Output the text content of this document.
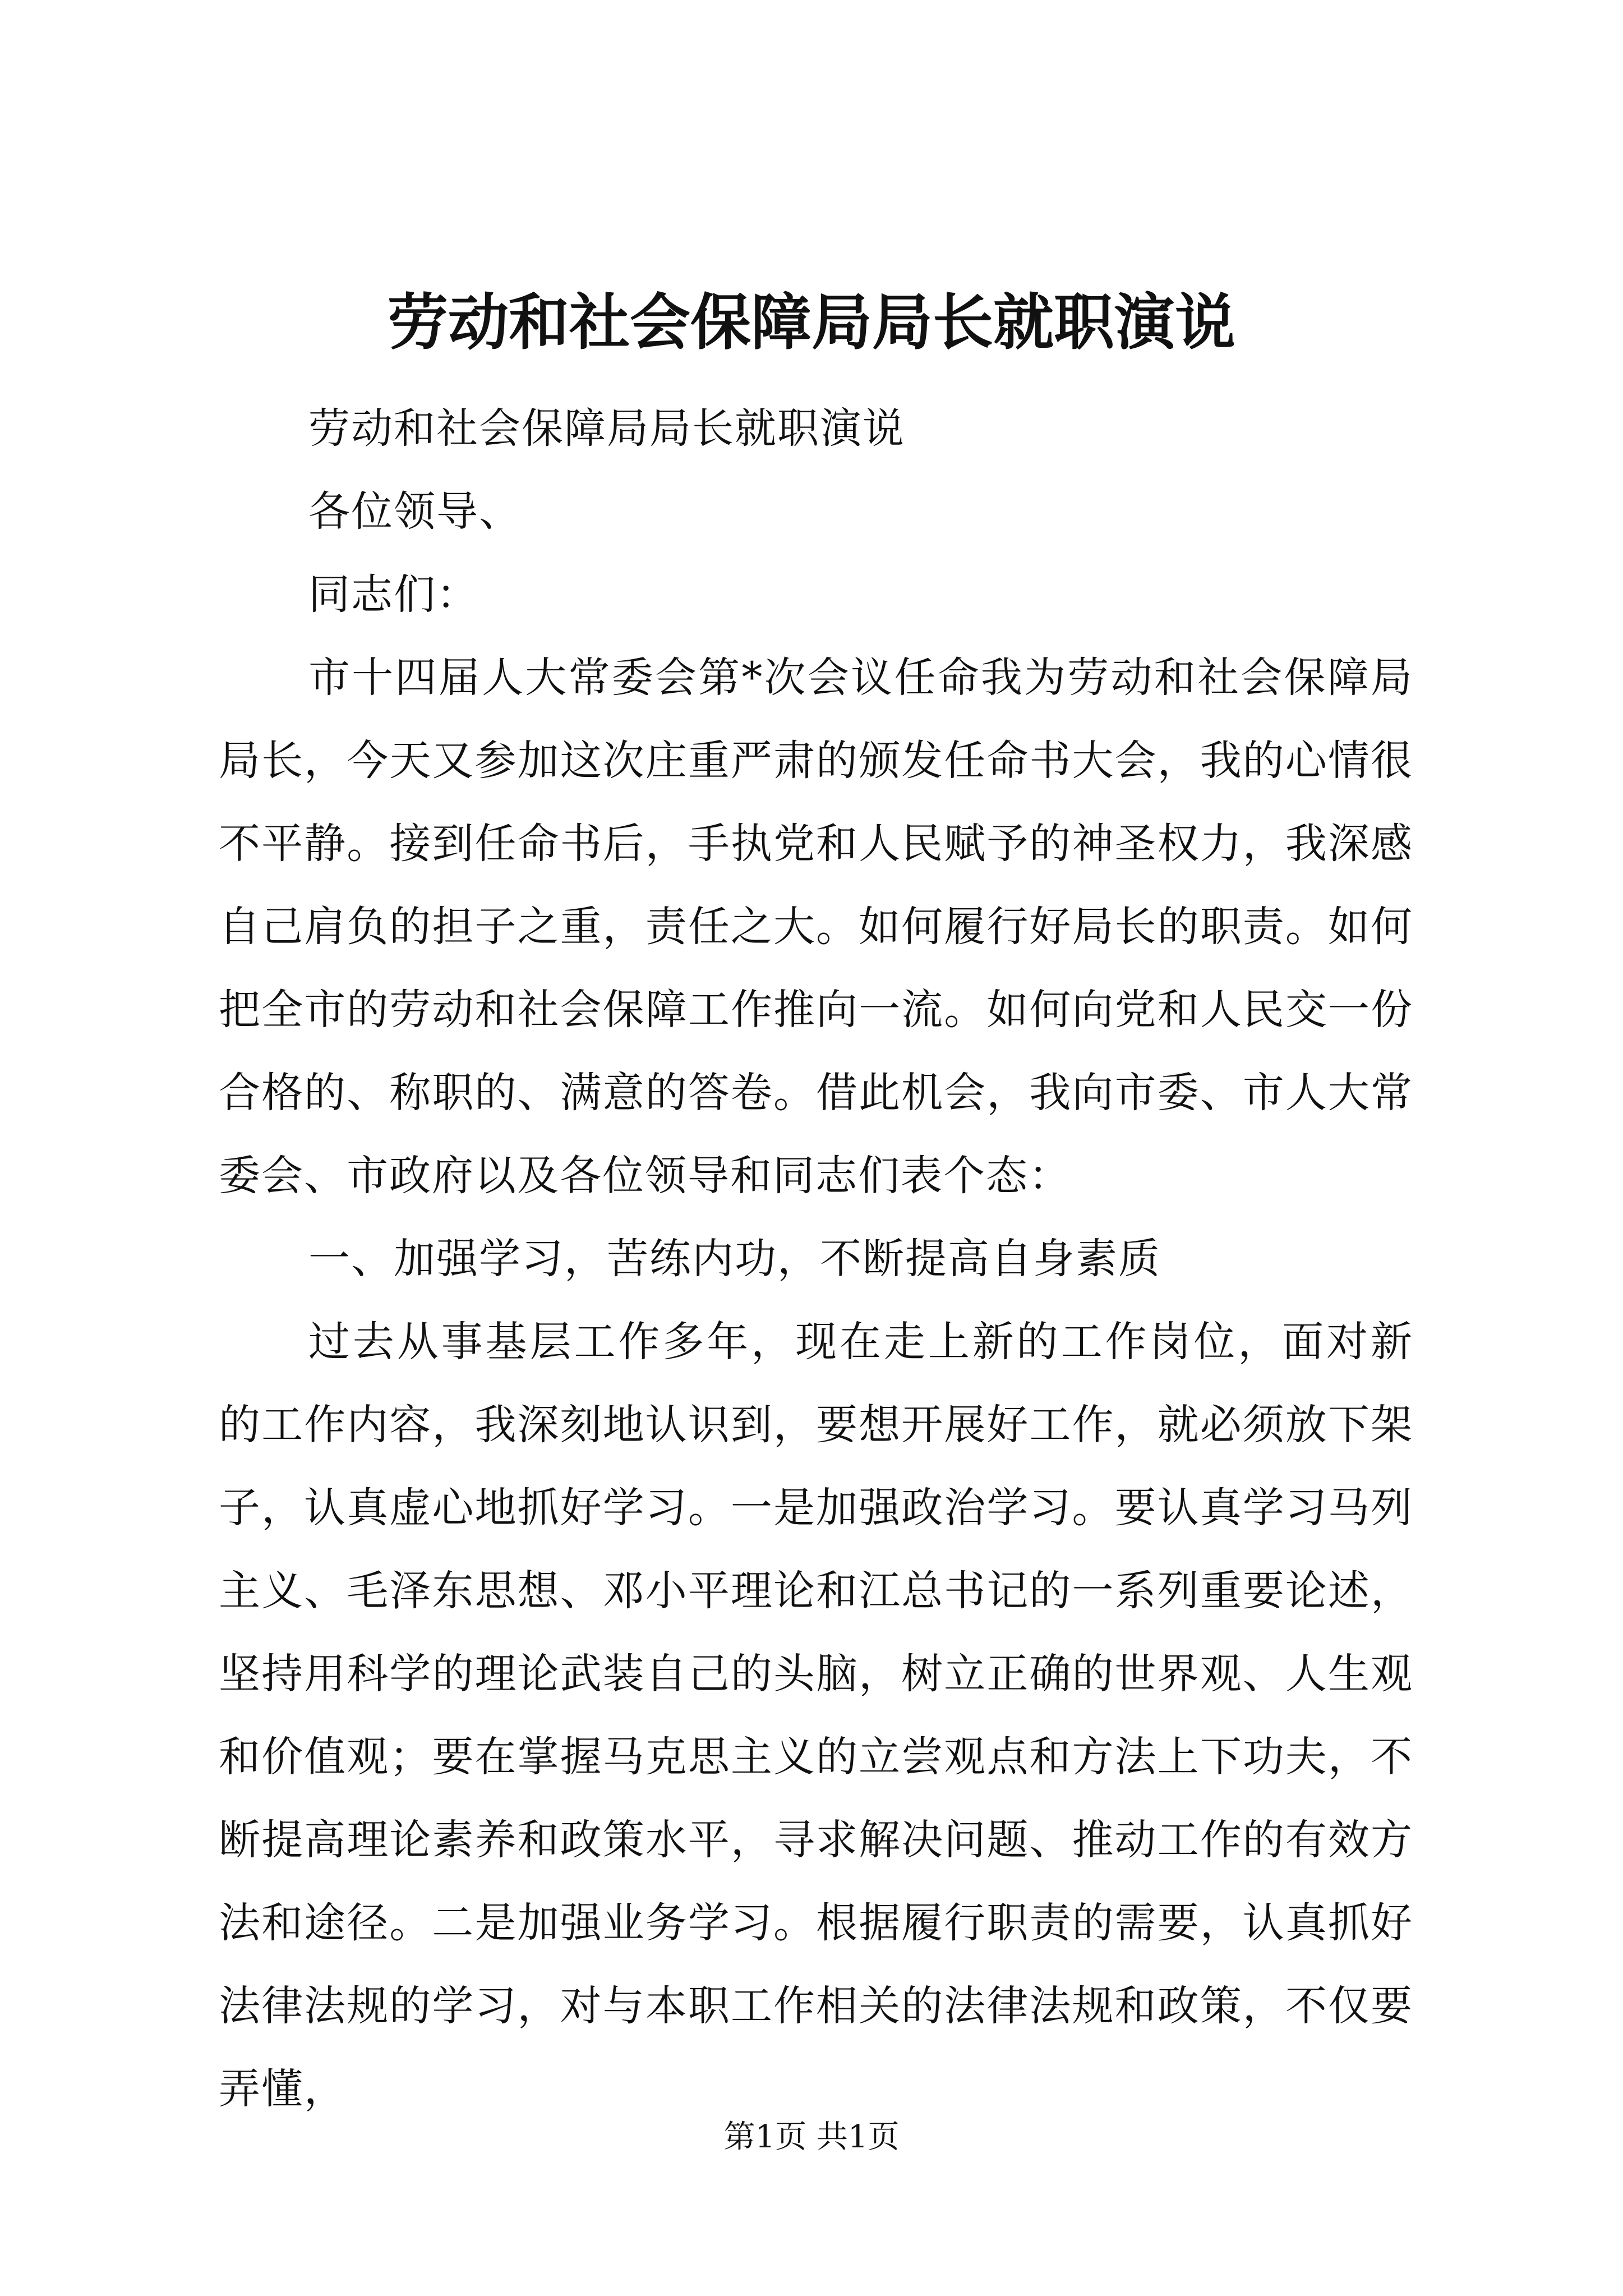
劳动和社会保障局局长就职演说

劳动和社会保障局局长就职演说

各位领导、

同志们：

市十四届人大常委会第*次会议任命我为劳动和社会保障局局长，今天又参加这次庄重严肃的颁发任命书大会，我的心情很不平静。接到任命书后，手执党和人民赋予的神圣权力，我深感自己肩负的担子之重，责任之大。如何履行好局长的职责。如何把全市的劳动和社会保障工作推向一流。如何向党和人民交一份合格的、称职的、满意的答卷。借此机会，我向市委、市人大常委会、市政府以及各位领导和同志们表个态：

一、加强学习，苦练内功，不断提高自身素质

过去从事基层工作多年，现在走上新的工作岗位，面对新的工作内容，我深刻地认识到，要想开展好工作，就必须放下架子，认真虚心地抓好学习。一是加强政治学习。要认真学习马列主义、毛泽东思想、邓小平理论和江总书记的一系列重要论述，坚持用科学的理论武装自己的头脑，树立正确的世界观、人生观和价值观；要在掌握马克思主义的立尝观点和方法上下功夫，不断提高理论素养和政策水平，寻求解决问题、推动工作的有效方法和途径。二是加强业务学习。根据履行职责的需要，认真抓好法律法规的学习，对与本职工作相关的法律法规和政策，不仅要弄懂，

第1页 共1页
